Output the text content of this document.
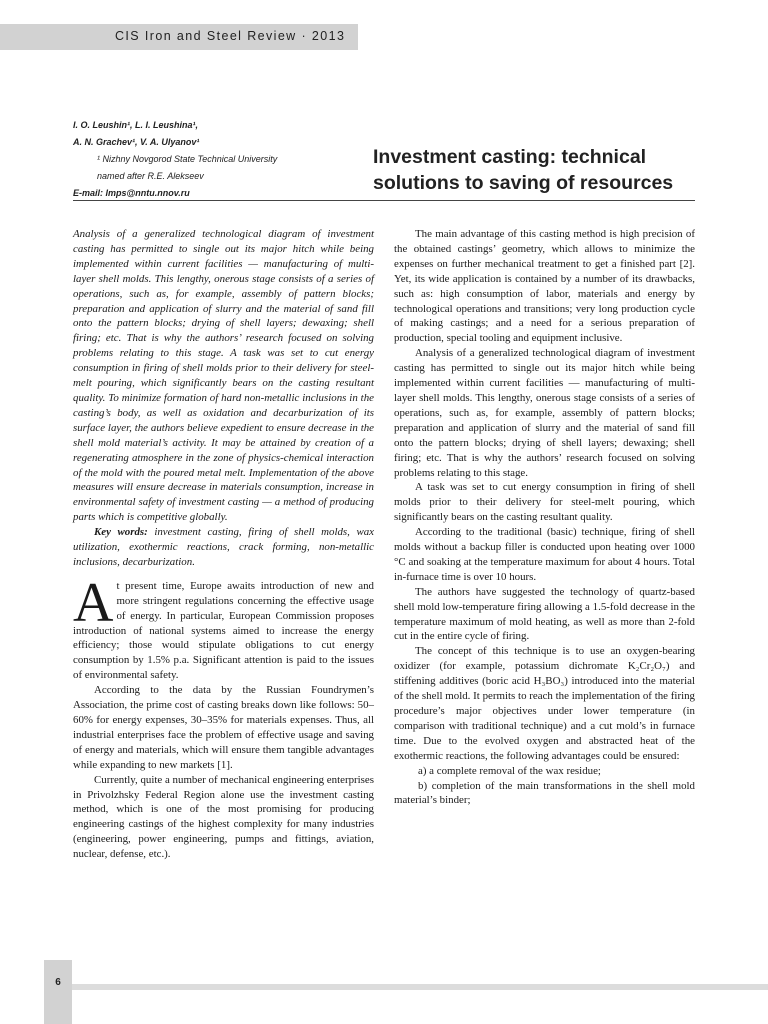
CIS Iron and Steel Review · 2013
I. O. Leushin¹, L. I. Leushina¹,
A. N. Grachev¹, V. A. Ulyanov¹
¹ Nizhny Novgorod State Technical University
named after R.E. Alekseev
E-mail: lmps@nntu.nnov.ru
Investment casting: technical
solutions to saving of resources

Analysis of a generalized technological diagram of investment casting has permitted to single out its major hitch while being implemented within current facilities — manufacturing of multi-layer shell molds. This lengthy, onerous stage consists of a series of operations, such as, for example, assembly of pattern blocks; preparation and application of slurry and the material of sand fill onto the pattern blocks; drying of shell layers; dewaxing; shell firing; etc. That is why the authors’ research focused on solving problems relating to this stage. A task was set to cut energy consumption in firing of shell molds prior to their delivery for steel-melt pouring, which significantly bears on the casting resultant quality. To minimize formation of hard non-metallic inclusions in the casting’s body, as well as oxidation and decarburization of its surface layer, the authors believe expedient to ensure decrease in the shell mold material’s activity. It may be attained by creation of a regenerating atmosphere in the zone of physics-chemical interaction of the mold with the poured metal melt. Implementation of the above measures will ensure decrease in materials consumption, increase in environmental safety of investment casting — a method of producing parts which is competitive globally.

Key words: investment casting, firing of shell molds, wax utilization, exothermic reactions, crack forming, non-metallic inclusions, decarburization.

At present time, Europe awaits introduction of new and more stringent regulations concerning the effective usage of energy. In particular, European Commission proposes introduction of national systems aimed to increase the energy efficiency; those would stipulate obligations to cut energy consumption by 1.5% p.a. Significant attention is paid to the issues of environmental safety.

According to the data by the Russian Foundrymen’s Association, the prime cost of casting breaks down like follows: 50–60% for energy expenses, 30–35% for materials expenses. Thus, all industrial enterprises face the problem of effective usage and saving of energy and materials, which will ensure them tangible advantages while expanding to new markets [1].

Currently, quite a number of mechanical engineering enterprises in Privolzhsky Federal Region alone use the investment casting method, which is one of the most promising for producing engineering castings of the highest complexity for many industries (engineering, power engineering, pumps and fittings, aviation, nuclear, defense, etc.).

The main advantage of this casting method is high precision of the obtained castings’ geometry, which allows to minimize the expenses on further mechanical treatment to get a finished part [2]. Yet, its wide application is contained by a number of its drawbacks, such as: high consumption of labor, materials and energy by technological operations and transitions; very long production cycle of making castings; and a need for a serious preparation of production, special tooling and equipment inclusive.

Analysis of a generalized technological diagram of investment casting has permitted to single out its major hitch while being implemented within current facilities — manufacturing of multi-layer shell molds. This lengthy, onerous stage consists of a series of operations, such as, for example, assembly of pattern blocks; preparation and application of slurry and the material of sand fill onto the pattern blocks; drying of shell layers; dewaxing; shell firing; etc. That is why the authors’ research focused on solving problems relating to this stage.

A task was set to cut energy consumption in firing of shell molds prior to their delivery for steel-melt pouring, which significantly bears on the casting resultant quality.

According to the traditional (basic) technique, firing of shell molds without a backup filler is conducted upon heating over 1000 °C and soaking at the temperature maximum for about 4 hours. Total in-furnace time is over 10 hours.

The authors have suggested the technology of quartz-based shell mold low-temperature firing allowing a 1.5-fold decrease in the temperature maximum of mold heating, as well as more than 2-fold cut in the entire cycle of firing.

The concept of this technique is to use an oxygen-bearing oxidizer (for example, potassium dichromate K₂Cr₂O₇) and stiffening additives (boric acid H₃BO₃) introduced into the material of the shell mold. It permits to reach the implementation of the firing procedure’s major objectives under lower temperature (in comparison with traditional technique) and a cut mold’s in furnace time. Due to the evolved oxygen and abstracted heat of the exothermic reactions, the following advantages could be ensured:

a) a complete removal of the wax residue;

b) completion of the main transformations in the shell mold material’s binder;

6
